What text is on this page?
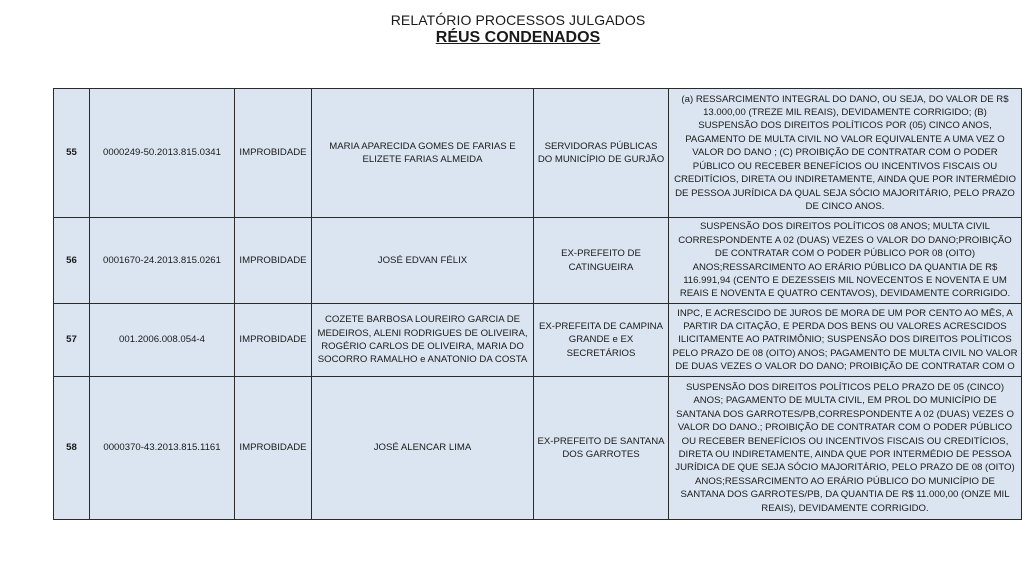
RELATÓRIO PROCESSOS JULGADOS
RÉUS CONDENADOS
55	0000249-50.2013.815.0341	IMPROBIDADE	MARIA APARECIDA GOMES DE FARIAS E ELIZETE FARIAS ALMEIDA	SERVIDORAS PÚBLICAS DO MUNICÍPIO DE GURJÃO	(a) RESSARCIMENTO INTEGRAL DO DANO, OU SEJA, DO VALOR DE R$ 13.000,00 (TREZE MIL REAIS), DEVIDAMENTE CORRIGIDO; (B) SUSPENSÃO DOS DIREITOS POLÍTICOS POR (05) CINCO ANOS, PAGAMENTO DE MULTA CIVIL NO VALOR EQUIVALENTE A UMA VEZ O VALOR DO DANO ; (C) PROIBIÇÃO DE CONTRATAR COM O PODER PÚBLICO OU RECEBER BENEFÍCIOS OU INCENTIVOS FISCAIS OU CREDITÍCIOS, DIRETA OU INDIRETAMENTE, AINDA QUE POR INTERMÉDIO DE PESSOA JURÍDICA DA QUAL SEJA SÓCIO MAJORITÁRIO, PELO PRAZO DE CINCO ANOS.

56	0001670-24.2013.815.0261	IMPROBIDADE	JOSÉ EDVAN FÉLIX	EX-PREFEITO DE CATINGUEIRA	SUSPENSÃO DOS DIREITOS POLÍTICOS 08 ANOS; MULTA CIVIL CORRESPONDENTE A 02 (DUAS) VEZES O VALOR DO DANO;PROIBIÇÃO DE CONTRATAR COM O PODER PÚBLICO POR 08 (OITO) ANOS;RESSARCIMENTO AO ERÁRIO PÚBLICO DA QUANTIA DE R$ 116.991,94 (CENTO E DEZESSEIS MIL NOVECENTOS E NOVENTA E UM REAIS E NOVENTA E QUATRO CENTAVOS), DEVIDAMENTE CORRIGIDO.

57	001.2006.008.054-4	IMPROBIDADE	COZETE BARBOSA LOUREIRO GARCIA DE MEDEIROS, ALENI RODRIGUES DE OLIVEIRA, ROGÉRIO CARLOS DE OLIVEIRA, MARIA DO SOCORRO RAMALHO e ANATONIO DA COSTA	EX-PREFEITA DE CAMPINA GRANDE e EX SECRETÁRIOS	INPC, E ACRESCIDO DE JUROS DE MORA DE UM POR CENTO AO MÊS, A PARTIR DA CITAÇÃO, E PERDA DOS BENS OU VALORES ACRESCIDOS ILICITAMENTE AO PATRIMÔNIO; SUSPENSÃO DOS DIREITOS POLÍTICOS PELO PRAZO DE 08 (OITO) ANOS; PAGAMENTO DE MULTA CIVIL NO VALOR DE DUAS VEZES O VALOR DO DANO; PROIBIÇÃO DE CONTRATAR COM O

58	0000370-43.2013.815.1161	IMPROBIDADE	JOSÉ ALENCAR LIMA	EX-PREFEITO DE SANTANA DOS GARROTES	SUSPENSÃO DOS DIREITOS POLÍTICOS PELO PRAZO DE 05 (CINCO) ANOS; PAGAMENTO DE MULTA CIVIL, EM PROL DO MUNICÍPIO DE SANTANA DOS GARROTES/PB,CORRESPONDENTE A 02 (DUAS) VEZES O VALOR DO DANO.; PROIBIÇÃO DE CONTRATAR COM O PODER PÚBLICO OU RECEBER BENEFÍCIOS OU INCENTIVOS FISCAIS OU CREDITÍCIOS, DIRETA OU INDIRETAMENTE, AINDA QUE POR INTERMÉDIO DE PESSOA JURÍDICA DE QUE SEJA SÓCIO MAJORITÁRIO, PELO PRAZO DE 08 (OITO) ANOS;RESSARCIMENTO AO ERÁRIO PÚBLICO DO MUNICÍPIO DE SANTANA DOS GARROTES/PB, DA QUANTIA DE R$ 11.000,00 (ONZE MIL REAIS), DEVIDAMENTE CORRIGIDO.
